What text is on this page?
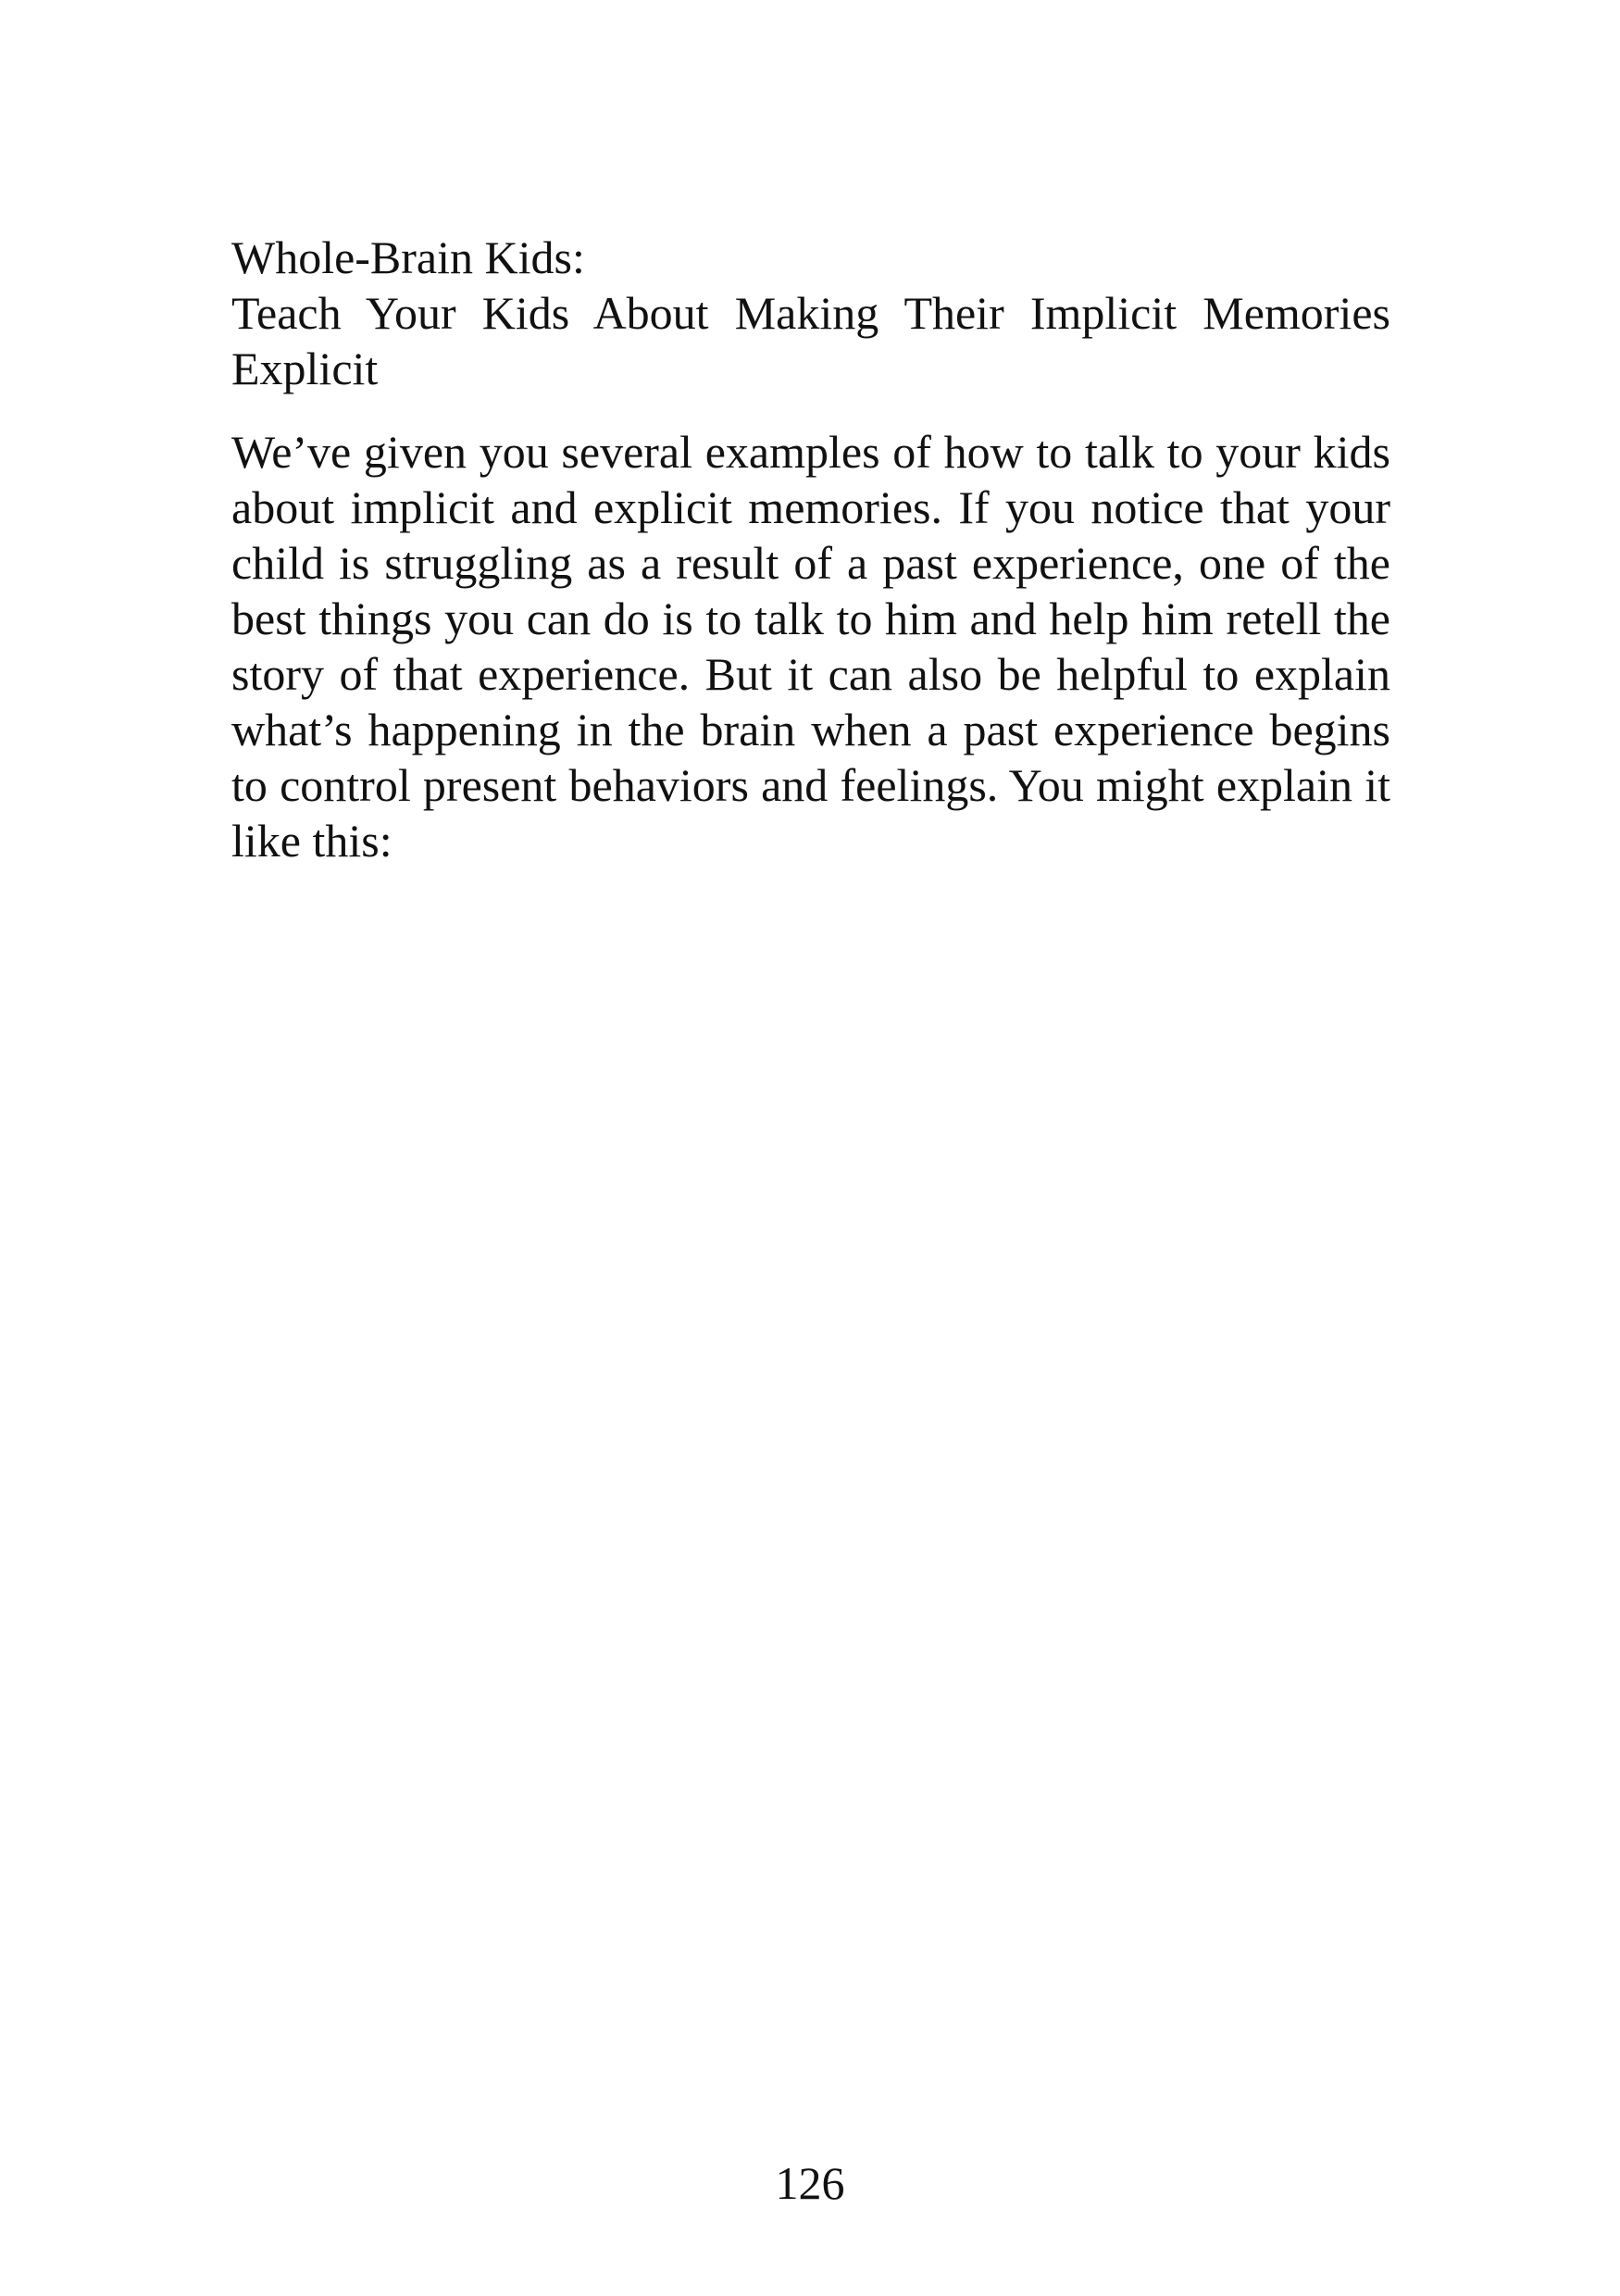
Whole-Brain Kids:
Teach Your Kids About Making Their Implicit Memories Explicit

We’ve given you several examples of how to talk to your kids about implicit and explicit memories. If you notice that your child is struggling as a result of a past experience, one of the best things you can do is to talk to him and help him retell the story of that experience. But it can also be helpful to explain what’s happening in the brain when a past experience begins to control present behaviors and feelings. You might explain it like this:

126
